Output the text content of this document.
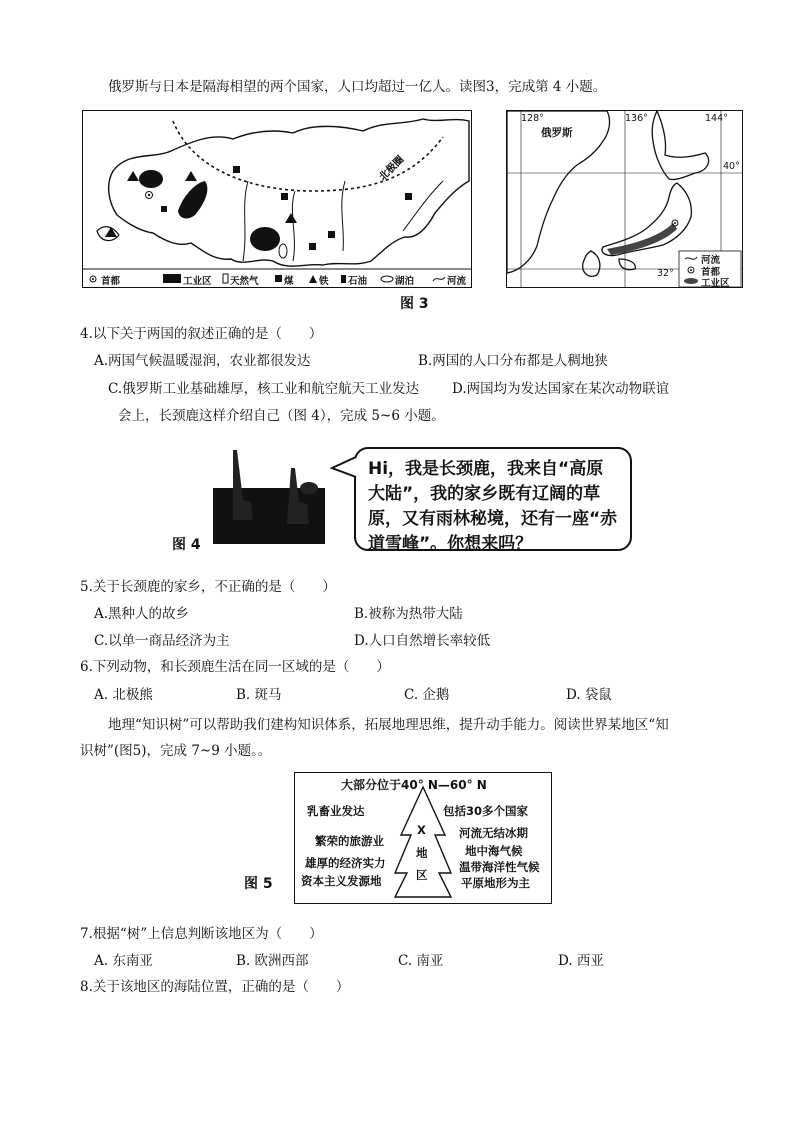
俄罗斯与日本是隔海相望的两个国家，人口均超过一亿人。读图3，完成第 4 小题。
北极圈
首都	工业区 天然气	煤	铁 石油	湖泊	河流
128°	136°	144°
40°
32°
俄罗斯
河流
首都
工业区
图 3
4.以下关于两国的叙述正确的是（　　）
A.两国气候温暖湿润，农业都很发达	B.两国的人口分布都是人稠地狭
C.俄罗斯工业基础雄厚，核工业和航空航天工业发达 D.两国均为发达国家在某次动物联谊
会上，长颈鹿这样介绍自己（图 4），完成 5~6 小题。
图 4
Hi，我是长颈鹿，我来自“高原大陆”，我的家乡既有辽阔的草原，又有雨林秘境，还有一座“赤道雪峰”。你想来吗？
5.关于长颈鹿的家乡，不正确的是（　　）
A.黑种人的故乡	B.被称为热带大陆
C.以单一商品经济为主	D.人口自然增长率较低
6.下列动物，和长颈鹿生活在同一区域的是（　　）
A. 北极熊	B. 斑马	C. 企鹅	D. 袋鼠
地理“知识树”可以帮助我们建构知识体系，拓展地理思维，提升动手能力。阅读世界某地区“知
识树”(图5)，完成 7~9 小题。。
大部分位于40° N—60° N
乳畜业发达
繁荣的旅游业
雄厚的经济实力
资本主义发源地
包括30多个国家
河流无结冰期
地中海气候
温带海洋性气候
平原地形为主
X
地
区
图 5
7.根据“树”上信息判断该地区为（　　）
A. 东南亚	B. 欧洲西部	C. 南亚	D. 西亚
8.关于该地区的海陆位置，正确的是（　　）
